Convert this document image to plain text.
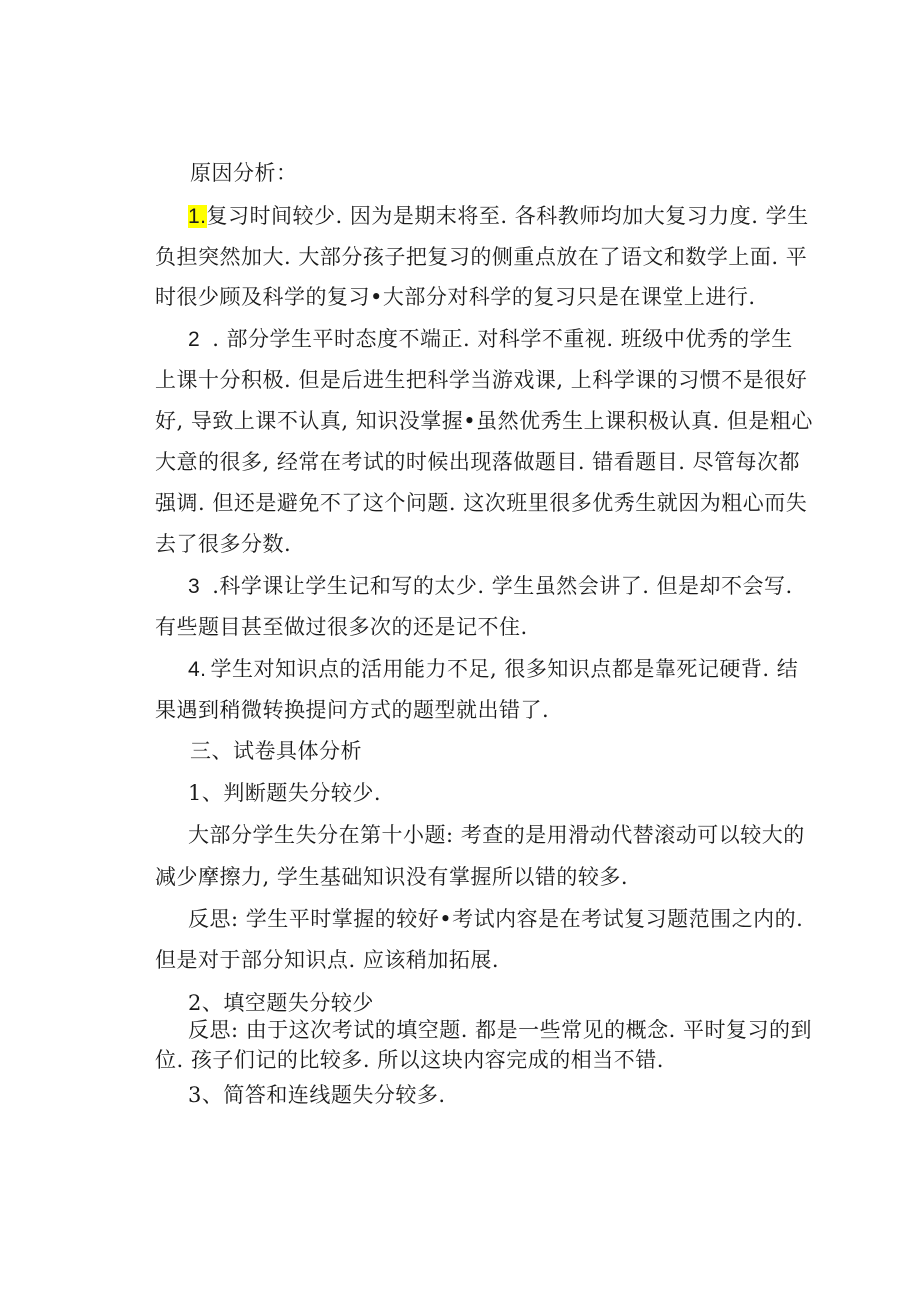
原因分析：
1.复习时间较少. 因为是期末将至. 各科教师均加大复习力度. 学生
负担突然加大. 大部分孩子把复习的侧重点放在了语文和数学上面. 平
时很少顾及科学的复习•大部分对科学的复习只是在课堂上进行.
2 . 部分学生平时态度不端正. 对科学不重视. 班级中优秀的学生
上课十分积极. 但是后进生把科学当游戏课, 上科学课的习惯不是很好
好, 导致上课不认真, 知识没掌握•虽然优秀生上课积极认真. 但是粗心
大意的很多, 经常在考试的时候出现落做题目. 错看题目. 尽管每次都
强调. 但还是避免不了这个问题. 这次班里很多优秀生就因为粗心而失
去了很多分数.
3 .科学课让学生记和写的太少. 学生虽然会讲了. 但是却不会写.
有些题目甚至做过很多次的还是记不住.
4. 学生对知识点的活用能力不足, 很多知识点都是靠死记硬背. 结
果遇到稍微转换提问方式的题型就出错了.
三、试卷具体分析
1、判断题失分较少.
大部分学生失分在第十小题: 考查的是用滑动代替滚动可以较大的
减少摩擦力, 学生基础知识没有掌握所以错的较多.
反思: 学生平时掌握的较好•考试内容是在考试复习题范围之内的.
但是对于部分知识点. 应该稍加拓展.
2、填空题失分较少
反思: 由于这次考试的填空题. 都是一些常见的概念. 平时复习的到
位. 孩子们记的比较多. 所以这块内容完成的相当不错.
3、简答和连线题失分较多.
